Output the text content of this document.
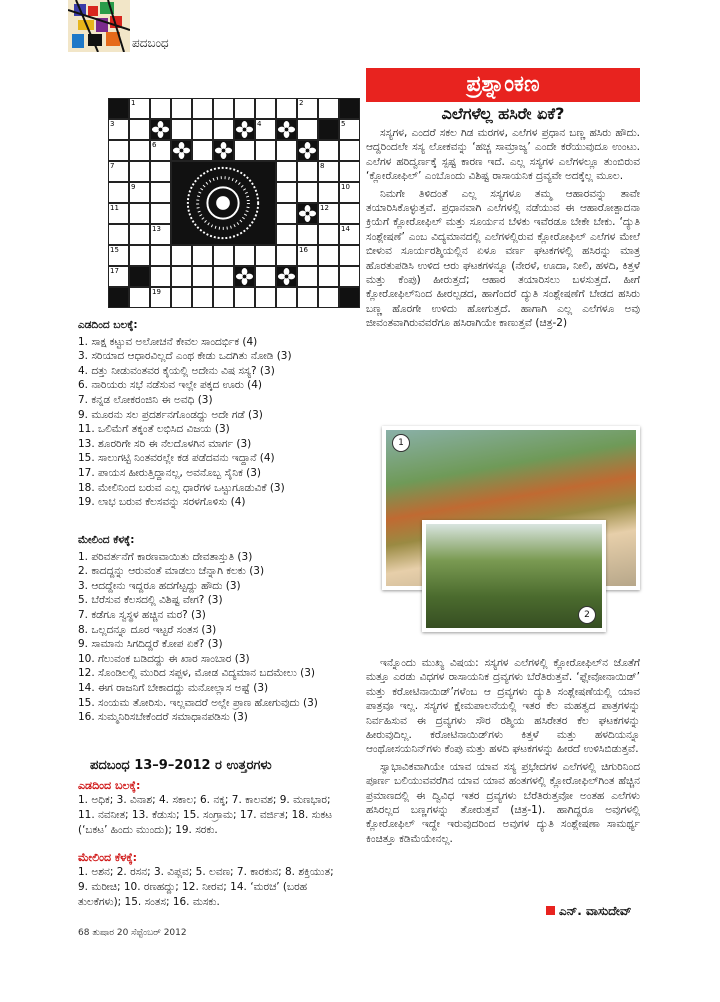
ಪದಬಂಧ
1	2
3	4	5
6
7	8
9	10
11	12
13	14
15	16
17
19
ಎಡದಿಂದ ಬಲಕ್ಕೆ:
1. ಸಾಕ್ಷ ಕಟ್ಟುವ ಅಲೋಚನೆ ಕೇವಲ ಸಾಂದರ್ಭಿಕ (4)
3. ಸರಿಯಾದ ಆಧಾರವಿಲ್ಲದೆ ಎಂಥ ಕೇಡು ಒದಗಿತು ನೋಡಿ (3)
4. ದತ್ತು ನೀಡುವಂತವರ ಕೈಯಲ್ಲಿ ಅದೇನು ವಿಷ ಸಸ್ಯ? (3)
6. ನಾರಿಯರು ಸಭೆ ನಡೆಸುವ ಇಲ್ಲೇ ಪಕ್ಕದ ಊರು (4)
7. ಕನ್ನಡ ಲೋಕರಂಜಿನಿ ಈ ಅವಧಿ (3)
9. ಮೂರನು ಸಲ ಪ್ರದರ್ಶನಗೊಂಡದ್ದು ಅದೇ ಗಡೆ (3)
11. ಒಲಿಮೆಗೆ ತಕ್ಕಂತೆ ಲಭಿಸಿದ ವಿಜಯ (3)
13. ಶೂರರಿಗೇ ಸರಿ ಈ ನೆಲದೊಳಗಿನ ಮಾರ್ಗ (3)
15. ಸಾಲುಗಟ್ಟಿ ನಿಂತವರಲ್ಲೇ ಕಡ ಪಡೆದವನು ಇದ್ದಾನೆ (4)
17. ಪಾಯಸ ಹೀರುತ್ತಿದ್ದಾನಲ್ಲ, ಅವನೊಬ್ಬ ಸೈನಿಕ (3)
18. ಮೇಲಿನಿಂದ ಬರುವ ಎಲ್ಲ ಧಾರೆಗಳ ಒಟ್ಟುಗೂಡುವಿಕೆ (3)
19. ಲಾಭ ಬರುವ ಕೆಲಸವನ್ನು ಸರಳಗೊಳಿಸು (4)
ಮೇಲಿಂದ ಕೆಳಕ್ಕೆ:
1. ಪರಿವರ್ತನೆಗೆ ಕಾರಣವಾಯಿತು ದೇವತಾಸ್ತುತಿ (3)
2. ಕಾದದ್ದನ್ನು ಆರುವಂತೆ ಮಾಡಲು ಚೆನ್ನಾಗಿ ಕಲಕು (3)
3. ಆದದ್ದೇನು ಇದ್ದರೂ ಹದಗೆಟ್ಟದ್ದು ಹೌದು (3)
5. ಬೆರೆಸುವ ಕೆಲಸದಲ್ಲಿ ವಿಶಿಷ್ಟ ವೇಗ? (3)
7. ಕಡೆಗೂ ಸ್ವಸ್ಥಳ ಹಚ್ಚಿನ ಮರ? (3)
8. ಒಲ್ಲದನ್ನೂ ದೂರ ಇಟ್ಟರೆ ಸಂತಸ (3)
9. ಸಾಮಾನು ಸಿಗದಿದ್ದರೆ ಕೋಪ ಏಕೆ? (3)
10. ಗೆಲುವಂಕ ಬಡಿದದ್ದು ಈ ಖಾರ ಸಾಂಬಾರ (3)
12. ಸೊಂಡಿಲಲ್ಲಿ ಮುರಿದ ಸಪ್ಪಳ, ಮೋಡ ವಿದ್ಯಮಾನ ಬದಮೇಲು (3)
14. ಈಗ ರಾಜನಿಗೆ ಬೇಕಾದದ್ದು ಮನೋಲ್ಲಾಸ ಅಷ್ಟೆ (3)
15. ಸಂಯಮ ತೋರಿಸು. ಇಲ್ಲವಾದರೆ ಅಲ್ಲೇ ಪ್ರಾಣ ಹೋಗುವುದು (3)
16. ಸುಮ್ಮನಿರಿಸಬೇಕೆಂದರೆ ಸಮಾಧಾನಪಡಿಸು (3)
ಪದಬಂಧ 13–9–2012 ರ ಉತ್ತರಗಳು
ಎಡದಿಂದ ಬಲಕ್ಕೆ:
1. ಅಧಿಕ; 3. ವಿನಾಶ; 4. ಸಕಾಲ; 6. ನಕ್ಕ; 7. ಕಾಲವಶ; 9. ಮಣಭಾರ; 11. ನವನೀತ; 13. ಕೆಡುಸು; 15. ಸಂಗ್ರಾಮ; 17. ವರ್ಜಿತ; 18. ಸುಕಟ (‘ಬಕಟ’ ಹಿಂದು ಮುಂದು); 19. ಸರಕು.
ಮೇಲಿಂದ ಕೆಳಕ್ಕೆ:
1. ಅಶನ; 2. ರಸನ; 3. ವಿಪ್ಲವ; 5. ಲವಣ; 7. ಕಾರಕುನ; 8. ಶಕ್ತಿಯುತ; 9. ಮರೀಚಿ; 10. ರಣಹದ್ದು; 12. ನೀರವ; 14. ‘ಮರಚ’ (ಬರಹ ತುಲಕೆಗಳು); 15. ಸಂತಸ; 16. ಮಸಕು.
ಪ್ರಶ್ನಾಂಕಣ
ಎಲೆಗಳೆಲ್ಲ ಹಸಿರೇ ಏಕೆ?

ಸಸ್ಯಗಳ, ಎಂದರೆ ಸಕಲ ಗಿಡ ಮರಗಳ, ಎಲೆಗಳ ಪ್ರಧಾನ ಬಣ್ಣ ಹಸಿರು ಹೌದು. ಆದ್ದರಿಂದಲೇ ಸಸ್ಯ ಲೋಕವನ್ನು ‘ಹಚ್ಚ ಸಾಮ್ರಾಜ್ಯ’ ಎಂದೇ ಕರೆಯುವುದೂ ಉಂಟು. ಎಲೆಗಳ ಹರಿದ್ವರ್ಣಕ್ಕೆ ಸ್ಪಷ್ಟ ಕಾರಣ ಇದೆ. ಎಲ್ಲ ಸಸ್ಯಗಳ ಎಲೆಗಳಲ್ಲೂ ತುಂಬಿರುವ ‘ಕ್ಲೋರೋಫಿಲ್’ ಎಂಬೊಂದು ವಿಶಿಷ್ಟ ರಾಸಾಯನಿಕ ದ್ರವ್ಯವೇ ಅದಕ್ಕೆಲ್ಲ ಮೂಲ.

ನಿಮಗೇ ತಿಳಿದಂತೆ ಎಲ್ಲ ಸಸ್ಯಗಳೂ ತಮ್ಮ ಆಹಾರವನ್ನು ತಾವೇ ತಯಾರಿಸಿಕೊಳ್ಳುತ್ತವೆ. ಪ್ರಧಾನವಾಗಿ ಎಲೆಗಳಲ್ಲಿ ನಡೆಯುವ ಈ ಆಹಾರೋತ್ಪಾದನಾ ಕ್ರಿಯೆಗೆ ಕ್ಲೋರೋಫಿಲ್ ಮತ್ತು ಸೂರ್ಯನ ಬೆಳಕು ಇವೆರಡೂ ಬೇಕೇ ಬೇಕು. ‘ದ್ಯುತಿ ಸಂಶ್ಲೇಷಣೆ’ ಎಂಬ ವಿದ್ಯಮಾನದಲ್ಲಿ ಎಲೆಗಳಲ್ಲಿರುವ ಕ್ಲೋರೋಫಿಲ್ ಎಲೆಗಳ ಮೇಲೆ ಬೀಳುವ ಸೂರ್ಯರಶ್ಮಿಯಲ್ಲಿನ ಏಳೂ ವರ್ಣ ಘಟಕಗಳಲ್ಲಿ ಹಸಿರನ್ನು ಮಾತ್ರ ಹೊರತುಪಡಿಸಿ ಉಳಿದ ಆರು ಘಟಕಗಳನ್ನೂ (ನೇರಳೆ, ಊದಾ, ನೀಲಿ, ಹಳದಿ, ಕಿತ್ತಳೆ ಮತ್ತು ಕೆಂಪು) ಹೀರುತ್ತದೆ; ಆಹಾರ ತಯಾರಿಸಲು ಬಳಸುತ್ತದೆ. ಹೀಗೆ ಕ್ಲೋರೋಫಿಲ್‌ನಿಂದ ಹೀರಲ್ಪಡದ, ಹಾಗೆಂದರೆ ದ್ಯುತಿ ಸಂಶ್ಲೇಷಣೆಗೆ ಬೇಡದ ಹಸಿರು ಬಣ್ಣ ಹೊರಗೇ ಉಳಿದು ಹೋಗುತ್ತದೆ. ಹಾಗಾಗಿ ಎಲ್ಲ ಎಲೆಗಳೂ ಅವು ಜೀವಂತವಾಗಿರುವವರೆಗೂ ಹಸಿರಾಗಿಯೇ ಕಾಣುತ್ತವೆ (ಚಿತ್ರ-2)

1
2

ಇನ್ನೊಂದು ಮುಖ್ಯ ವಿಷಯ: ಸಸ್ಯಗಳ ಎಲೆಗಳಲ್ಲಿ ಕ್ಲೋರೋಫಿಲ್‌ನ ಜೊತೆಗೆ ಮತ್ತೂ ಎರಡು ವಿಧಗಳ ರಾಸಾಯನಿಕ ದ್ರವ್ಯಗಳು ಬೆರೆತಿರುತ್ತವೆ. ‘ಫ್ಲೇವೋನಾಯಿಡ್’ ಮತ್ತು ಕರೋಟಿನಾಯಿಡ್’ಗಳೆಂಬ ಆ ದ್ರವ್ಯಗಳು ದ್ಯುತಿ ಸಂಶ್ಲೇಷಣೆಯಲ್ಲಿ ಯಾವ ಪಾತ್ರವೂ ಇಲ್ಲ. ಸಸ್ಯಗಳ ಕ್ಷೇಮಪಾಲನೆಯಲ್ಲಿ ಇತರ ಕೆಲ ಮಹತ್ವದ ಪಾತ್ರಗಳನ್ನು ನಿರ್ವಹಿಸುವ ಈ ದ್ರವ್ಯಗಳು ಸೌರ ರಶ್ಮಿಯ ಹಸಿರೇತರ ಕೆಲ ಘಟಕಗಳನ್ನು ಹೀರುವುದಿಲ್ಲ. ಕರೋಟಿನಾಯಿಡ್‌ಗಳು ಕಿತ್ತಳೆ ಮತ್ತು ಹಳದಿಯನ್ನೂ ಆಂಥೋಸಯನಿನ್‌ಗಳು ಕೆಂಪು ಮತ್ತು ಹಳದಿ ಘಟಕಗಳನ್ನು ಹೀರದೆ ಉಳಿಸಿಬಿಡುತ್ತವೆ.

ಸ್ವಾಭಾವಿಕವಾಗಿಯೇ ಯಾವ ಯಾವ ಸಸ್ಯ ಪ್ರಭೇದಗಳ ಎಲೆಗಳಲ್ಲಿ ಚಿಗುರಿನಿಂದ ಪೂರ್ಣ ಬಲಿಯುವವರೆಗಿನ ಯಾವ ಯಾವ ಹಂತಗಳಲ್ಲಿ ಕ್ಲೋರೋಫಿಲ್‌ಗಿಂತ ಹೆಚ್ಚಿನ ಪ್ರಮಾಣದಲ್ಲಿ ಈ ದ್ವಿವಿಧ ಇತರ ದ್ರವ್ಯಗಳು ಬೆರೆತಿರುತ್ತವೋ ಅಂತಹ ಎಲೆಗಳು ಹಸಿರಲ್ಲದ ಬಣ್ಣಗಳನ್ನು ತೋರುತ್ತವೆ (ಚಿತ್ರ-1). ಹಾಗಿದ್ದರೂ ಅವುಗಳಲ್ಲಿ ಕ್ಲೋರೋಫಿಲ್ ಇದ್ದೇ ಇರುವುದರಿಂದ ಅವುಗಳ ದ್ಯುತಿ ಸಂಶ್ಲೇಷಣಾ ಸಾಮರ್ಥ್ಯ ಕಿಂಚಿತ್ತೂ ಕಡಿಮೆಯೇನಲ್ಲ.

ಎನ್. ವಾಸುದೇವ್
68 ತುಷಾರ 20 ಸೆಪ್ಟೆಂಬರ್ 2012
